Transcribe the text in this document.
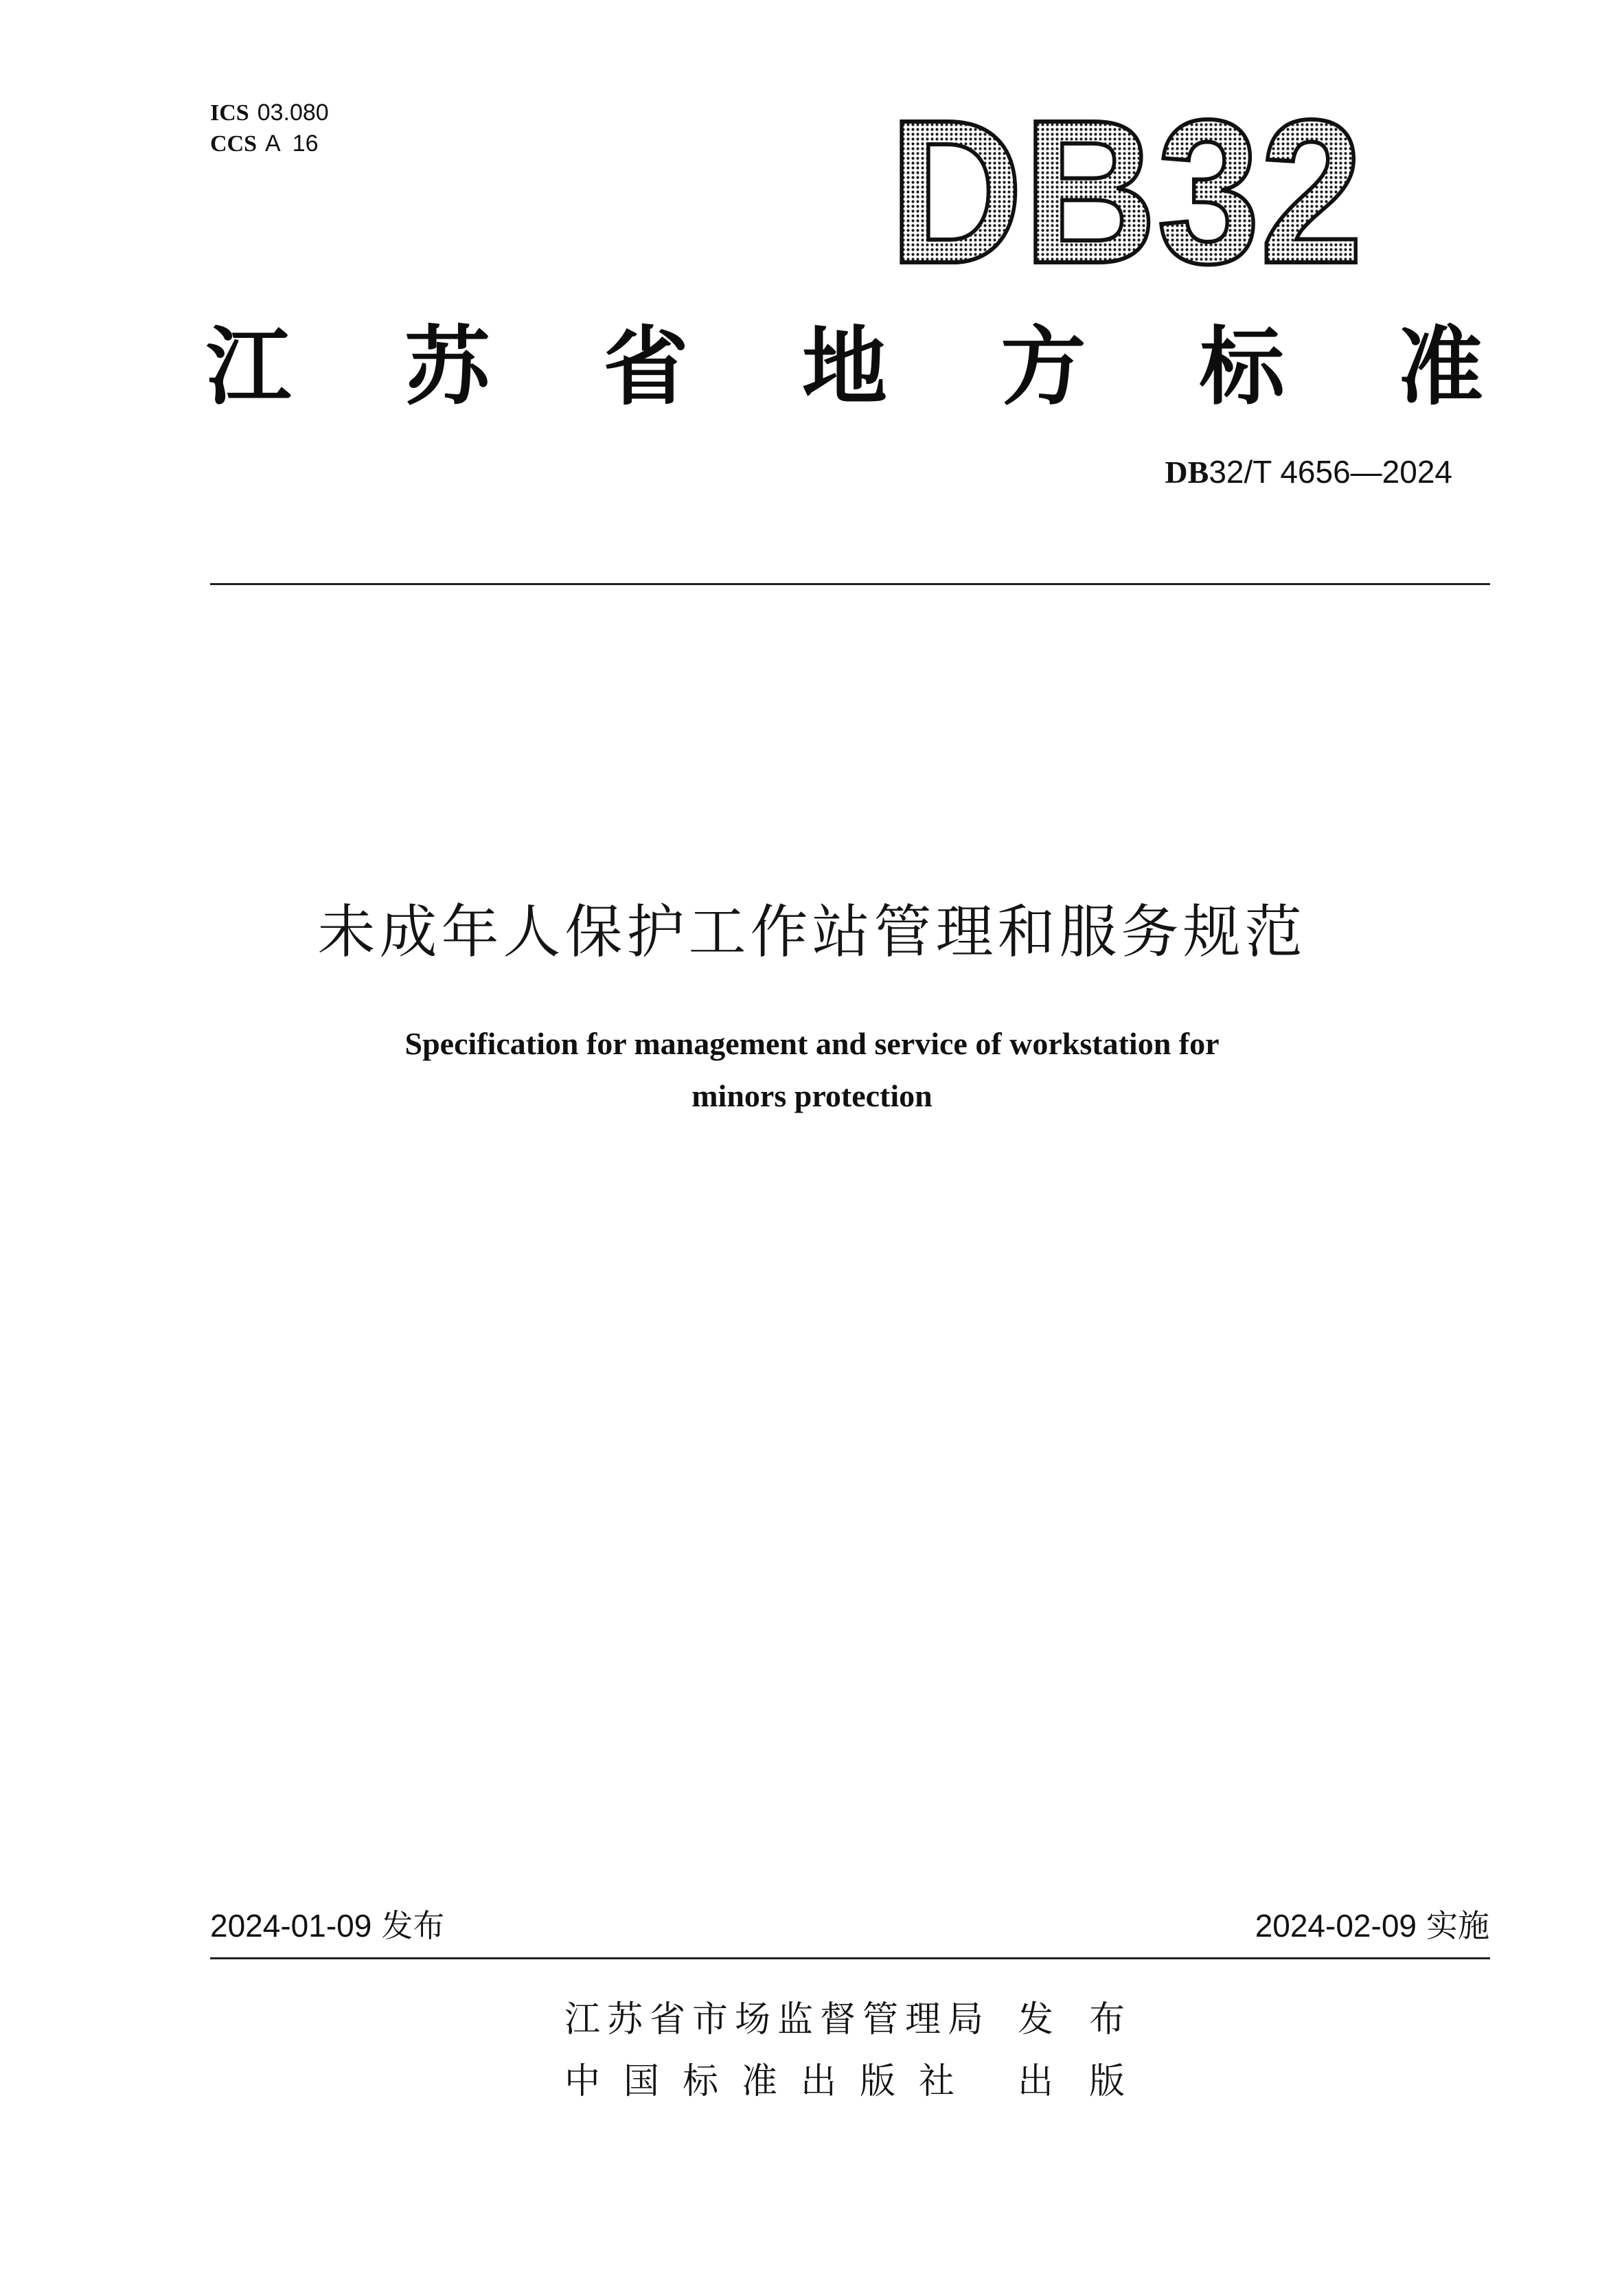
ICS 03.080
CCS A  16	DB32
江 苏 省 地 方 标 准
DB32/T 4656—2024
未成年人保护工作站管理和服务规范
Specification for management and service of workstation for
minors protection
2024-01-09 发布	2024-02-09 实施
江苏省市场监督管理局 发布
中国标准出版社 出版
